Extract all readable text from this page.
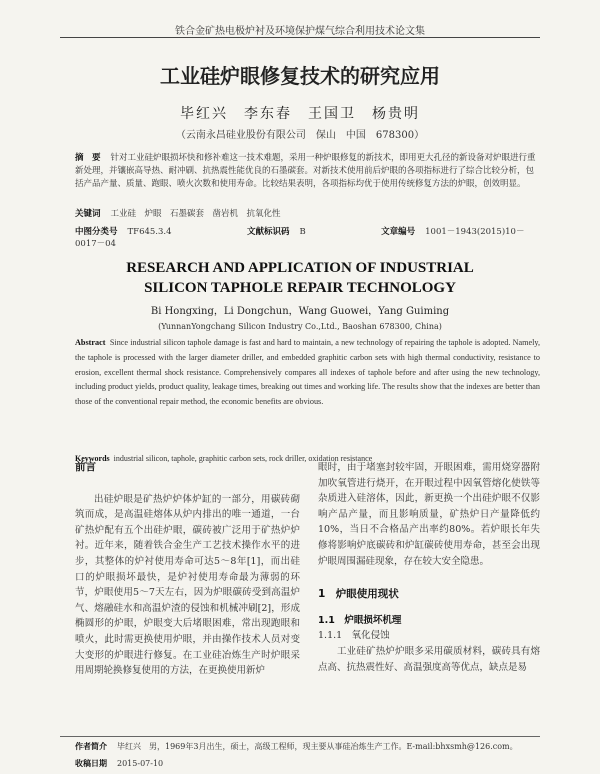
铁合金矿热电极炉衬及环境保护煤气综合利用技术论文集
工业硅炉眼修复技术的研究应用
毕红兴　李东春　王国卫　杨贵明
（云南永昌硅业股份有限公司　保山　中国　678300）
摘　要 针对工业硅炉眼损坏快和修补难这一技术难题，采用一种炉眼修复的新技术，即用更大孔径的新设备对炉眼进行重新处理，并镶嵌高导热、耐冲刷、抗热震性能优良的石墨碳套。对新技术使用前后炉眼的各项指标进行了综合比较分析，包括产品产量、质量、跑眼、喷火次数和使用寿命。比较结果表明，各项指标均优于使用传统修复方法的炉眼，创效明显。
关键词 工业硅　炉眼　石墨碳套　凿岩机　抗氧化性
中图分类号 TF645.3.4	文献标识码 B	文章编号 1001－1943(2015)10－0017－04
RESEARCH AND APPLICATION OF INDUSTRIAL
SILICON TAPHOLE REPAIR TECHNOLOGY
Bi Hongxing，Li Dongchun，Wang Guowei，Yang Guiming
(YunnanYongchang Silicon Industry Co.,Ltd., Baoshan 678300, China)
Abstract Since industrial silicon taphole damage is fast and hard to maintain, a new technology of repairing the taphole is adopted. Namely, the taphole is processed with the larger diameter driller, and embedded graphitic carbon sets with high thermal conductivity, resistance to erosion, excellent thermal shock resistance. Comprehensively compares all indexes of taphole before and after using the new technology, including product yields, product quality, leakage times, breaking out times and working life. The results show that the indexes are better than those of the conventional repair method, the economic benefits are obvious.
Keywords industrial silicon, taphole, graphitic carbon sets, rock driller, oxidation resistance
前言

出硅炉眼是矿热炉炉体炉缸的一部分，用碳砖砌筑而成，是高温硅熔体从炉内排出的唯一通道，一台矿热炉配有五个出硅炉眼，碳砖被广泛用于矿热炉炉衬。近年来，随着铁合金生产工艺技术操作水平的进步，其整体的炉衬使用寿命可达5～8年[1]，而出硅口的炉眼损坏最快，是炉衬使用寿命最为薄弱的环节，炉眼使用5～7天左右，因为炉眼碳砖受到高温炉气、熔融硅水和高温炉渣的侵蚀和机械冲刷[2]，形成椭圆形的炉眼，炉眼变大后堵眼困难，常出现跑眼和喷火，此时需更换使用炉眼，并由操作技术人员对变大变形的炉眼进行修复。在工业硅冶炼生产时炉眼采用周期轮换修复使用的方法，在更换使用新炉

眼时，由于堵塞封较牢固，开眼困难，需用烧穿器附加吹氧管进行烧开，在开眼过程中因氧管熔化使铁等杂质进入硅溶体，因此，新更换一个出硅炉眼不仅影响产品产量，而且影响质量，矿热炉日产量降低约10%，当日不合格品产出率约80%。若炉眼长年失修将影响炉底碳砖和炉缸碳砖使用寿命，甚至会出现炉眼周围漏硅现象，存在较大安全隐患。

1　炉眼使用现状
1.1　炉眼损坏机理
1.1.1　氧化侵蚀

工业硅矿热炉炉眼多采用碳质材料，碳砖具有熔点高、抗热震性好、高温强度高等优点，缺点是易

作者简介 毕红兴　男，1969年3月出生，硕士，高级工程师，现主要从事硅冶炼生产工作。E-mail:bhxsmh@126.com。
收稿日期 2015-07-10
